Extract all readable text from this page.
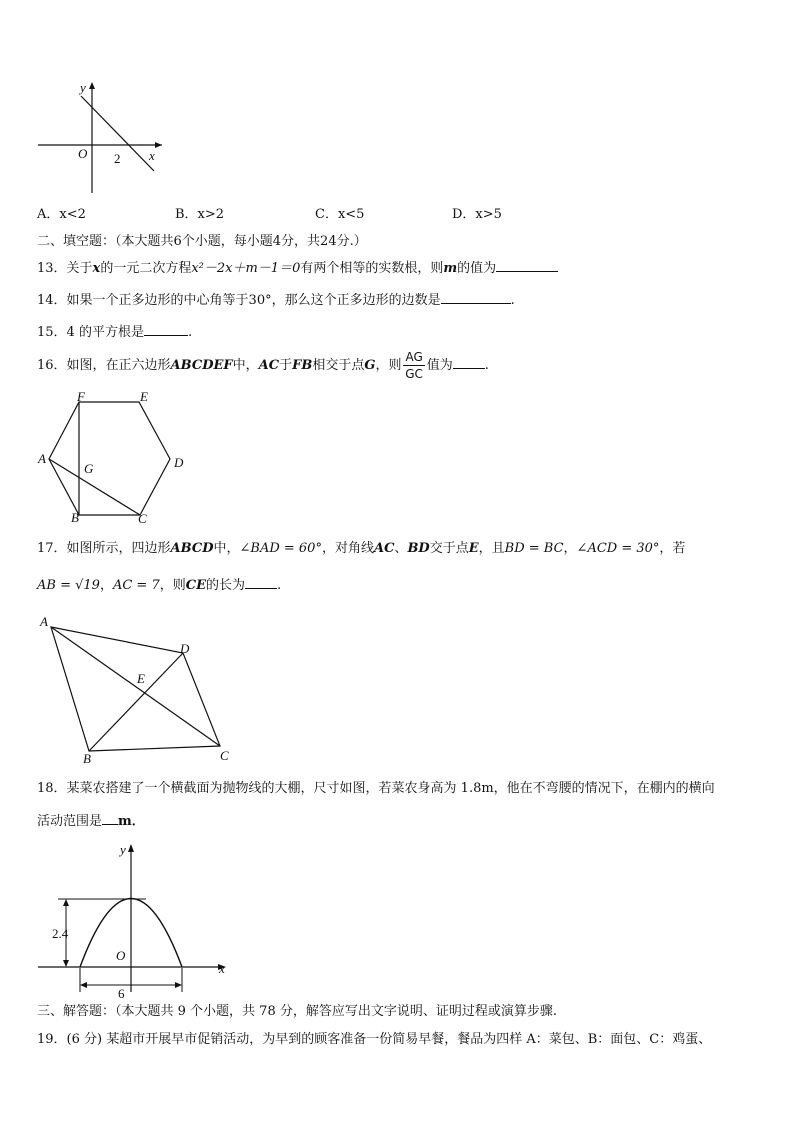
y
x
O 2
A．x<2	B．x>2	C．x<5	D．x>5
二、填空题：（本大题共6个小题，每小题4分，共24分.）
13．关于x的一元二次方程x²－2x＋m－1＝0有两个相等的实数根，则m的值为
14．如果一个正多边形的中心角等于30°，那么这个正多边形的边数是	.
15．4 的平方根是	.
16．如图，在正六边形ABCDEF中，AC于FB相交于点G，则 $\frac{AG}{GC}$ 值为 .
A
B	C
D
E
F
G
17．如图所示，四边形ABCD中，∠BAD = 60°，对角线AC、BD交于点E，且BD = BC，∠ACD = 30°，若
AB = √19，AC = 7，则CE的长为 .
A
B	C
D
E
18．某菜农搭建了一个横截面为抛物线的大棚，尺寸如图，若菜农身高为 1.8m，他在不弯腰的情况下，在棚内的横向
活动范围是 m．
y
x
O
2.4
6
三、解答题：（本大题共 9 个小题，共 78 分，解答应写出文字说明、证明过程或演算步骤.
19．(6 分) 某超市开展早市促销活动，为早到的顾客准备一份简易早餐，餐品为四样 A：菜包、B：面包、C：鸡蛋、
